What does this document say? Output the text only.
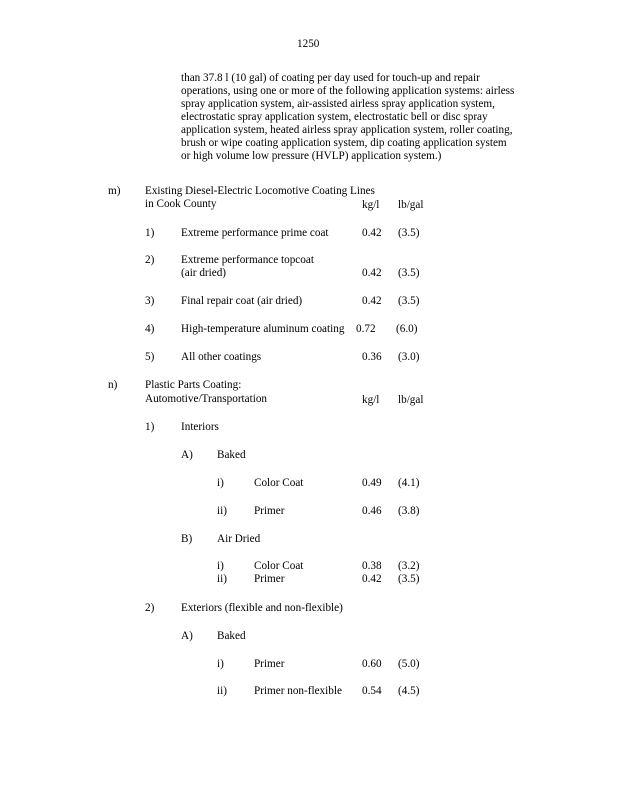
1250
than 37.8 l (10 gal) of coating per day used for touch-up and repair
operations, using one or more of the following application systems: airless
spray application system, air-assisted airless spray application system,
electrostatic spray application system, electrostatic bell or disc spray
application system, heated airless spray application system, roller coating,
brush or wipe coating application system, dip coating application system
or high volume low pressure (HVLP) application system.)
m) Existing Diesel-Electric Locomotive Coating Lines
in Cook County	kg/l lb/gal
1) Extreme performance prime coat	0.42 (3.5)
2) Extreme performance topcoat
(air dried)	0.42 (3.5)
3) Final repair coat (air dried)	0.42 (3.5)
4) High-temperature aluminum coating 0.72 (6.0)
5) All other coatings	0.36 (3.0)
n) Plastic Parts Coating:
Automotive/Transportation	kg/l lb/gal
1) Interiors
A) Baked
i)	Color Coat	0.49 (4.1)
ii) Primer	0.46 (3.8)
B) Air Dried
i)	Color Coat	0.38 (3.2)
ii) Primer	0.42 (3.5)
2) Exteriors (flexible and non-flexible)
A) Baked
i)	Primer	0.60 (5.0)
ii) Primer non-flexible 0.54 (4.5)
